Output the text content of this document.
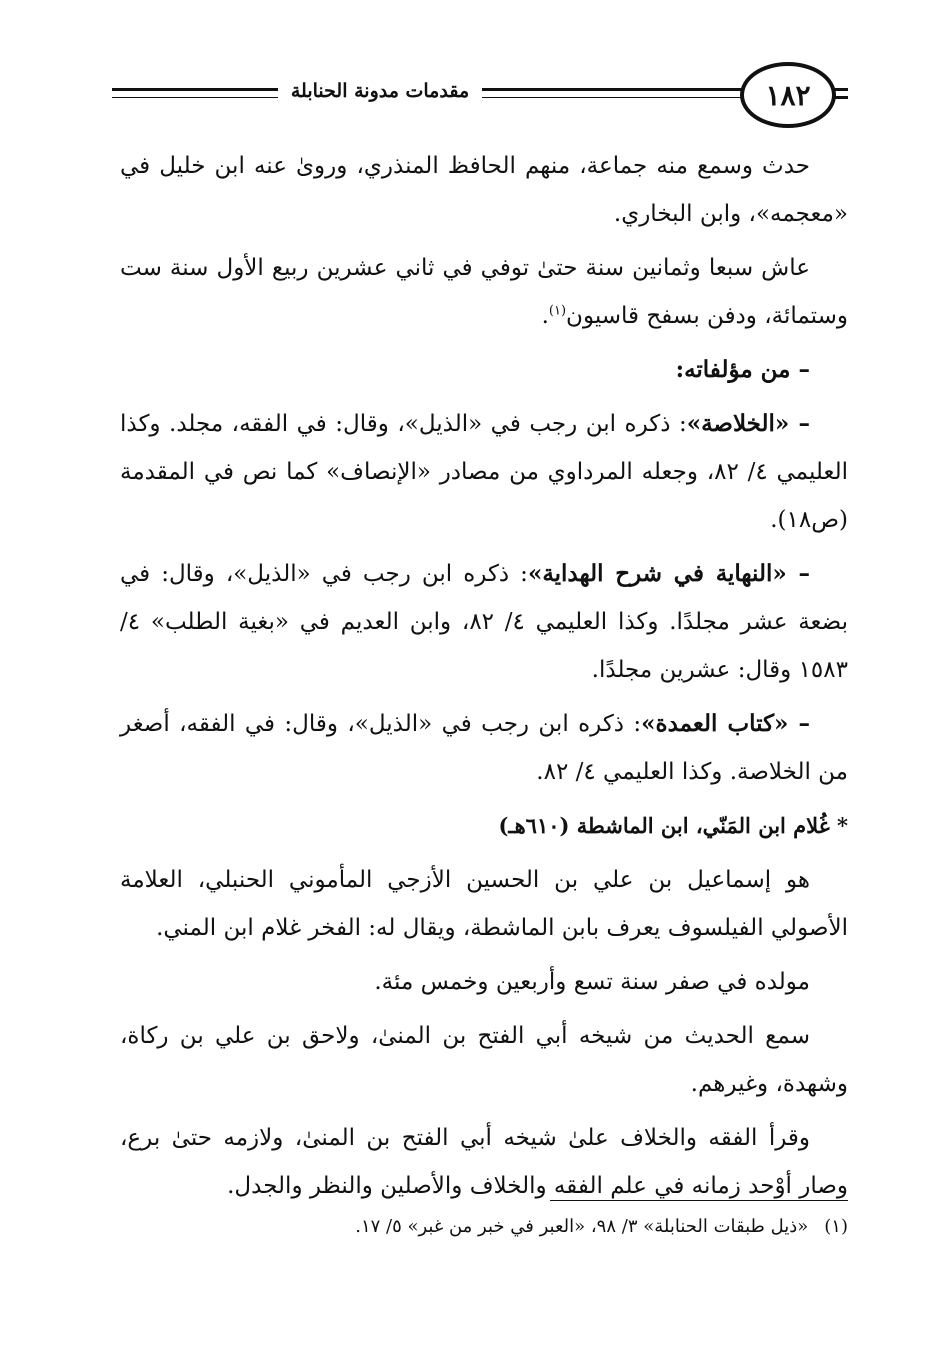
١٨٢
مقدمات مدونة الحنابلة

حدث وسمع منه جماعة، منهم الحافظ المنذري، وروىٰ عنه ابن خليل في «معجمه»، وابن البخاري.

عاش سبعا وثمانين سنة حتىٰ توفي في ثاني عشرين ربيع الأول سنة ست وستمائة، ودفن بسفح قاسيون$^{(١)}$.

– من مؤلفاته:

– «الخلاصة»: ذكره ابن رجب في «الذيل»، وقال: في الفقه، مجلد. وكذا العليمي ٤/ ٨٢، وجعله المرداوي من مصادر «الإنصاف» كما نص في المقدمة (ص١٨).

– «النهاية في شرح الهداية»: ذكره ابن رجب في «الذيل»، وقال: في بضعة عشر مجلدًا. وكذا العليمي ٤/ ٨٢، وابن العديم في «بغية الطلب» ٤/ ١٥٨٣ وقال: عشرين مجلدًا.

– «كتاب العمدة»: ذكره ابن رجب في «الذيل»، وقال: في الفقه، أصغر من الخلاصة. وكذا العليمي ٤/ ٨٢.

* غُلام ابن المَنّي، ابن الماشطة (٦١٠هـ)

هو إسماعيل بن علي بن الحسين الأزجي المأموني الحنبلي، العلامة الأصولي الفيلسوف يعرف بابن الماشطة، ويقال له: الفخر غلام ابن المني.

مولده في صفر سنة تسع وأربعين وخمس مئة.

سمع الحديث من شيخه أبي الفتح بن المنىٰ، ولاحق بن علي بن ركاة، وشهدة، وغيرهم.

وقرأ الفقه والخلاف علىٰ شيخه أبي الفتح بن المنىٰ، ولازمه حتىٰ برع، وصار أوْحد زمانه في علم الفقه والخلاف والأصلين والنظر والجدل.

(١)«ذيل طبقات الحنابلة» ٣/ ٩٨، «العبر في خبر من غبر» ٥/ ١٧.
